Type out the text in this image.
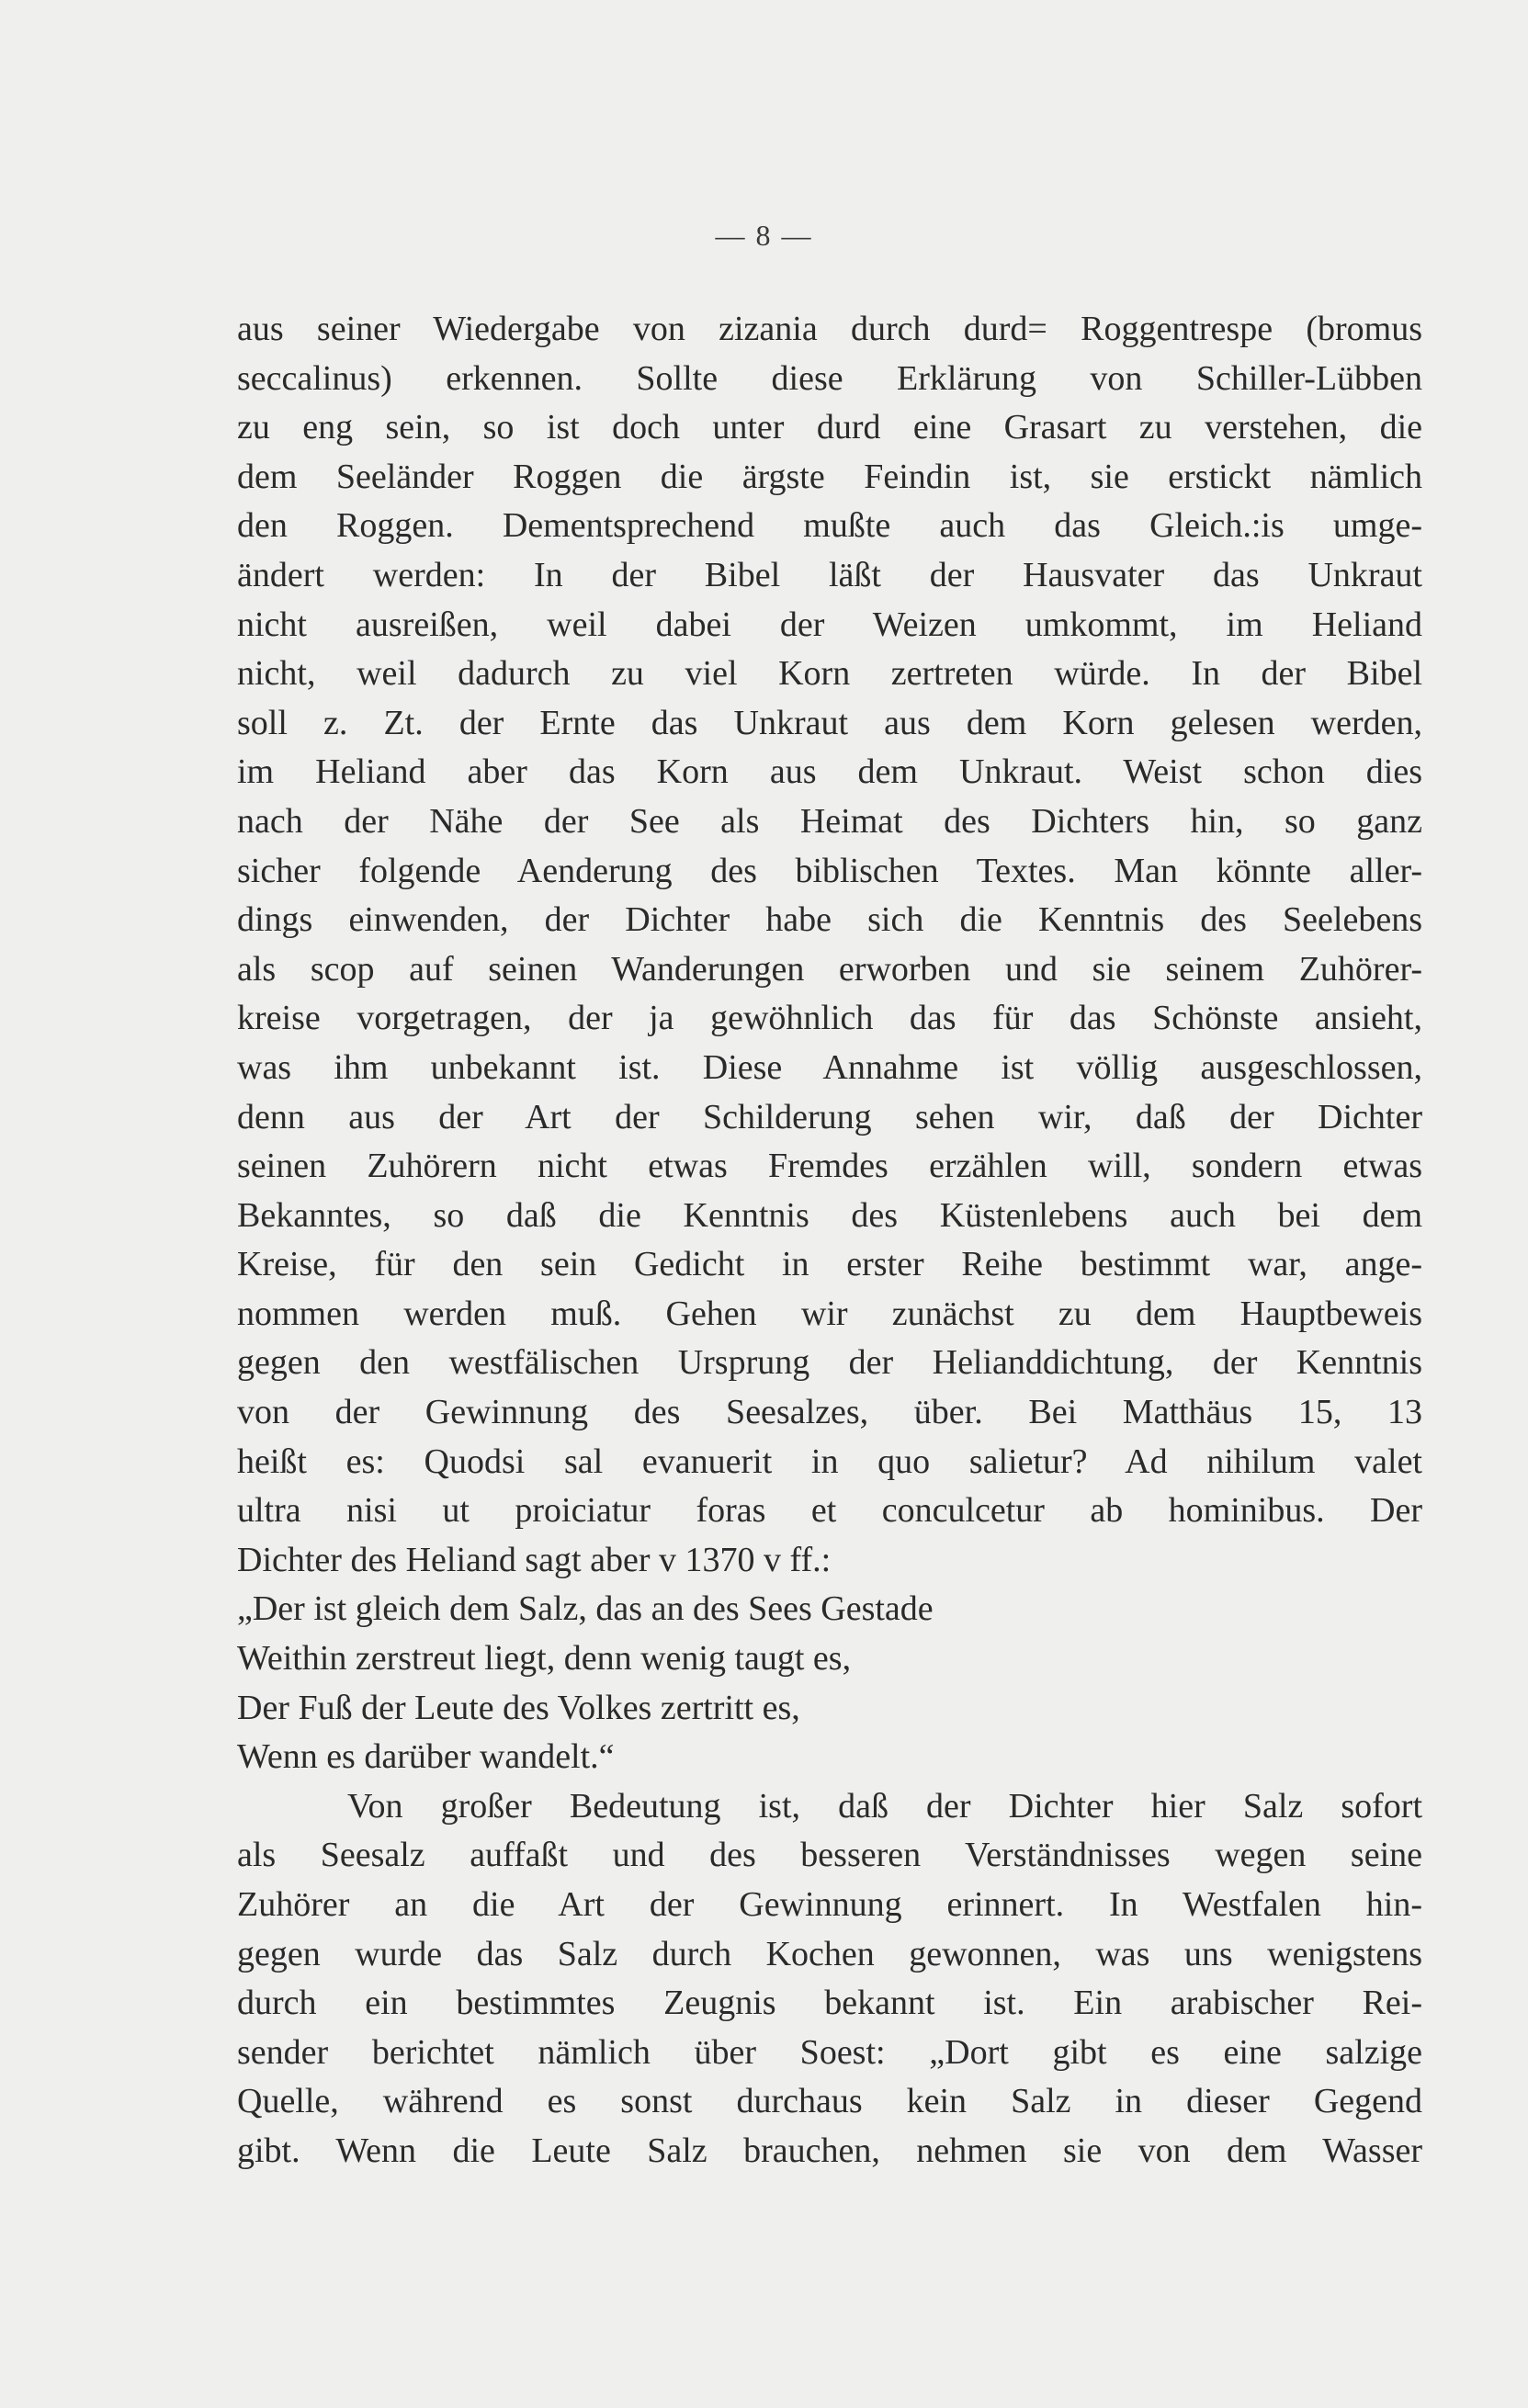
— 8 —
aus seiner Wiedergabe von zizania durch durd= Roggentrespe (bromus
seccalinus) erkennen. Sollte diese Erklärung von Schiller-Lübben
zu eng sein, so ist doch unter durd eine Grasart zu verstehen, die
dem Seeländer Roggen die ärgste Feindin ist, sie erstickt nämlich
den Roggen. Dementsprechend mußte auch das Gleich.:is umge-
ändert werden: In der Bibel läßt der Hausvater das Unkraut
nicht ausreißen, weil dabei der Weizen umkommt, im Heliand
nicht, weil dadurch zu viel Korn zertreten würde. In der Bibel
soll z. Zt. der Ernte das Unkraut aus dem Korn gelesen werden,
im Heliand aber das Korn aus dem Unkraut. Weist schon dies
nach der Nähe der See als Heimat des Dichters hin, so ganz
sicher folgende Aenderung des biblischen Textes. Man könnte aller-
dings einwenden, der Dichter habe sich die Kenntnis des Seelebens
als scop auf seinen Wanderungen erworben und sie seinem Zuhörer-
kreise vorgetragen, der ja gewöhnlich das für das Schönste ansieht,
was ihm unbekannt ist. Diese Annahme ist völlig ausgeschlossen,
denn aus der Art der Schilderung sehen wir, daß der Dichter
seinen Zuhörern nicht etwas Fremdes erzählen will, sondern etwas
Bekanntes, so daß die Kenntnis des Küstenlebens auch bei dem
Kreise, für den sein Gedicht in erster Reihe bestimmt war, ange-
nommen werden muß. Gehen wir zunächst zu dem Hauptbeweis
gegen den westfälischen Ursprung der Helianddichtung, der Kenntnis
von der Gewinnung des Seesalzes, über. Bei Matthäus 15, 13
heißt es: Quodsi sal evanuerit in quo salietur? Ad nihilum valet
ultra nisi ut proiciatur foras et conculcetur ab hominibus. Der
Dichter des Heliand sagt aber v 1370 v ff.:
„Der ist gleich dem Salz, das an des Sees Gestade
Weithin zerstreut liegt, denn wenig taugt es,
Der Fuß der Leute des Volkes zertritt es,
Wenn es darüber wandelt.“
Von großer Bedeutung ist, daß der Dichter hier Salz sofort
als Seesalz auffaßt und des besseren Verständnisses wegen seine
Zuhörer an die Art der Gewinnung erinnert. In Westfalen hin-
gegen wurde das Salz durch Kochen gewonnen, was uns wenigstens
durch ein bestimmtes Zeugnis bekannt ist. Ein arabischer Rei-
sender berichtet nämlich über Soest: „Dort gibt es eine salzige
Quelle, während es sonst durchaus kein Salz in dieser Gegend
gibt. Wenn die Leute Salz brauchen, nehmen sie von dem Wasser
